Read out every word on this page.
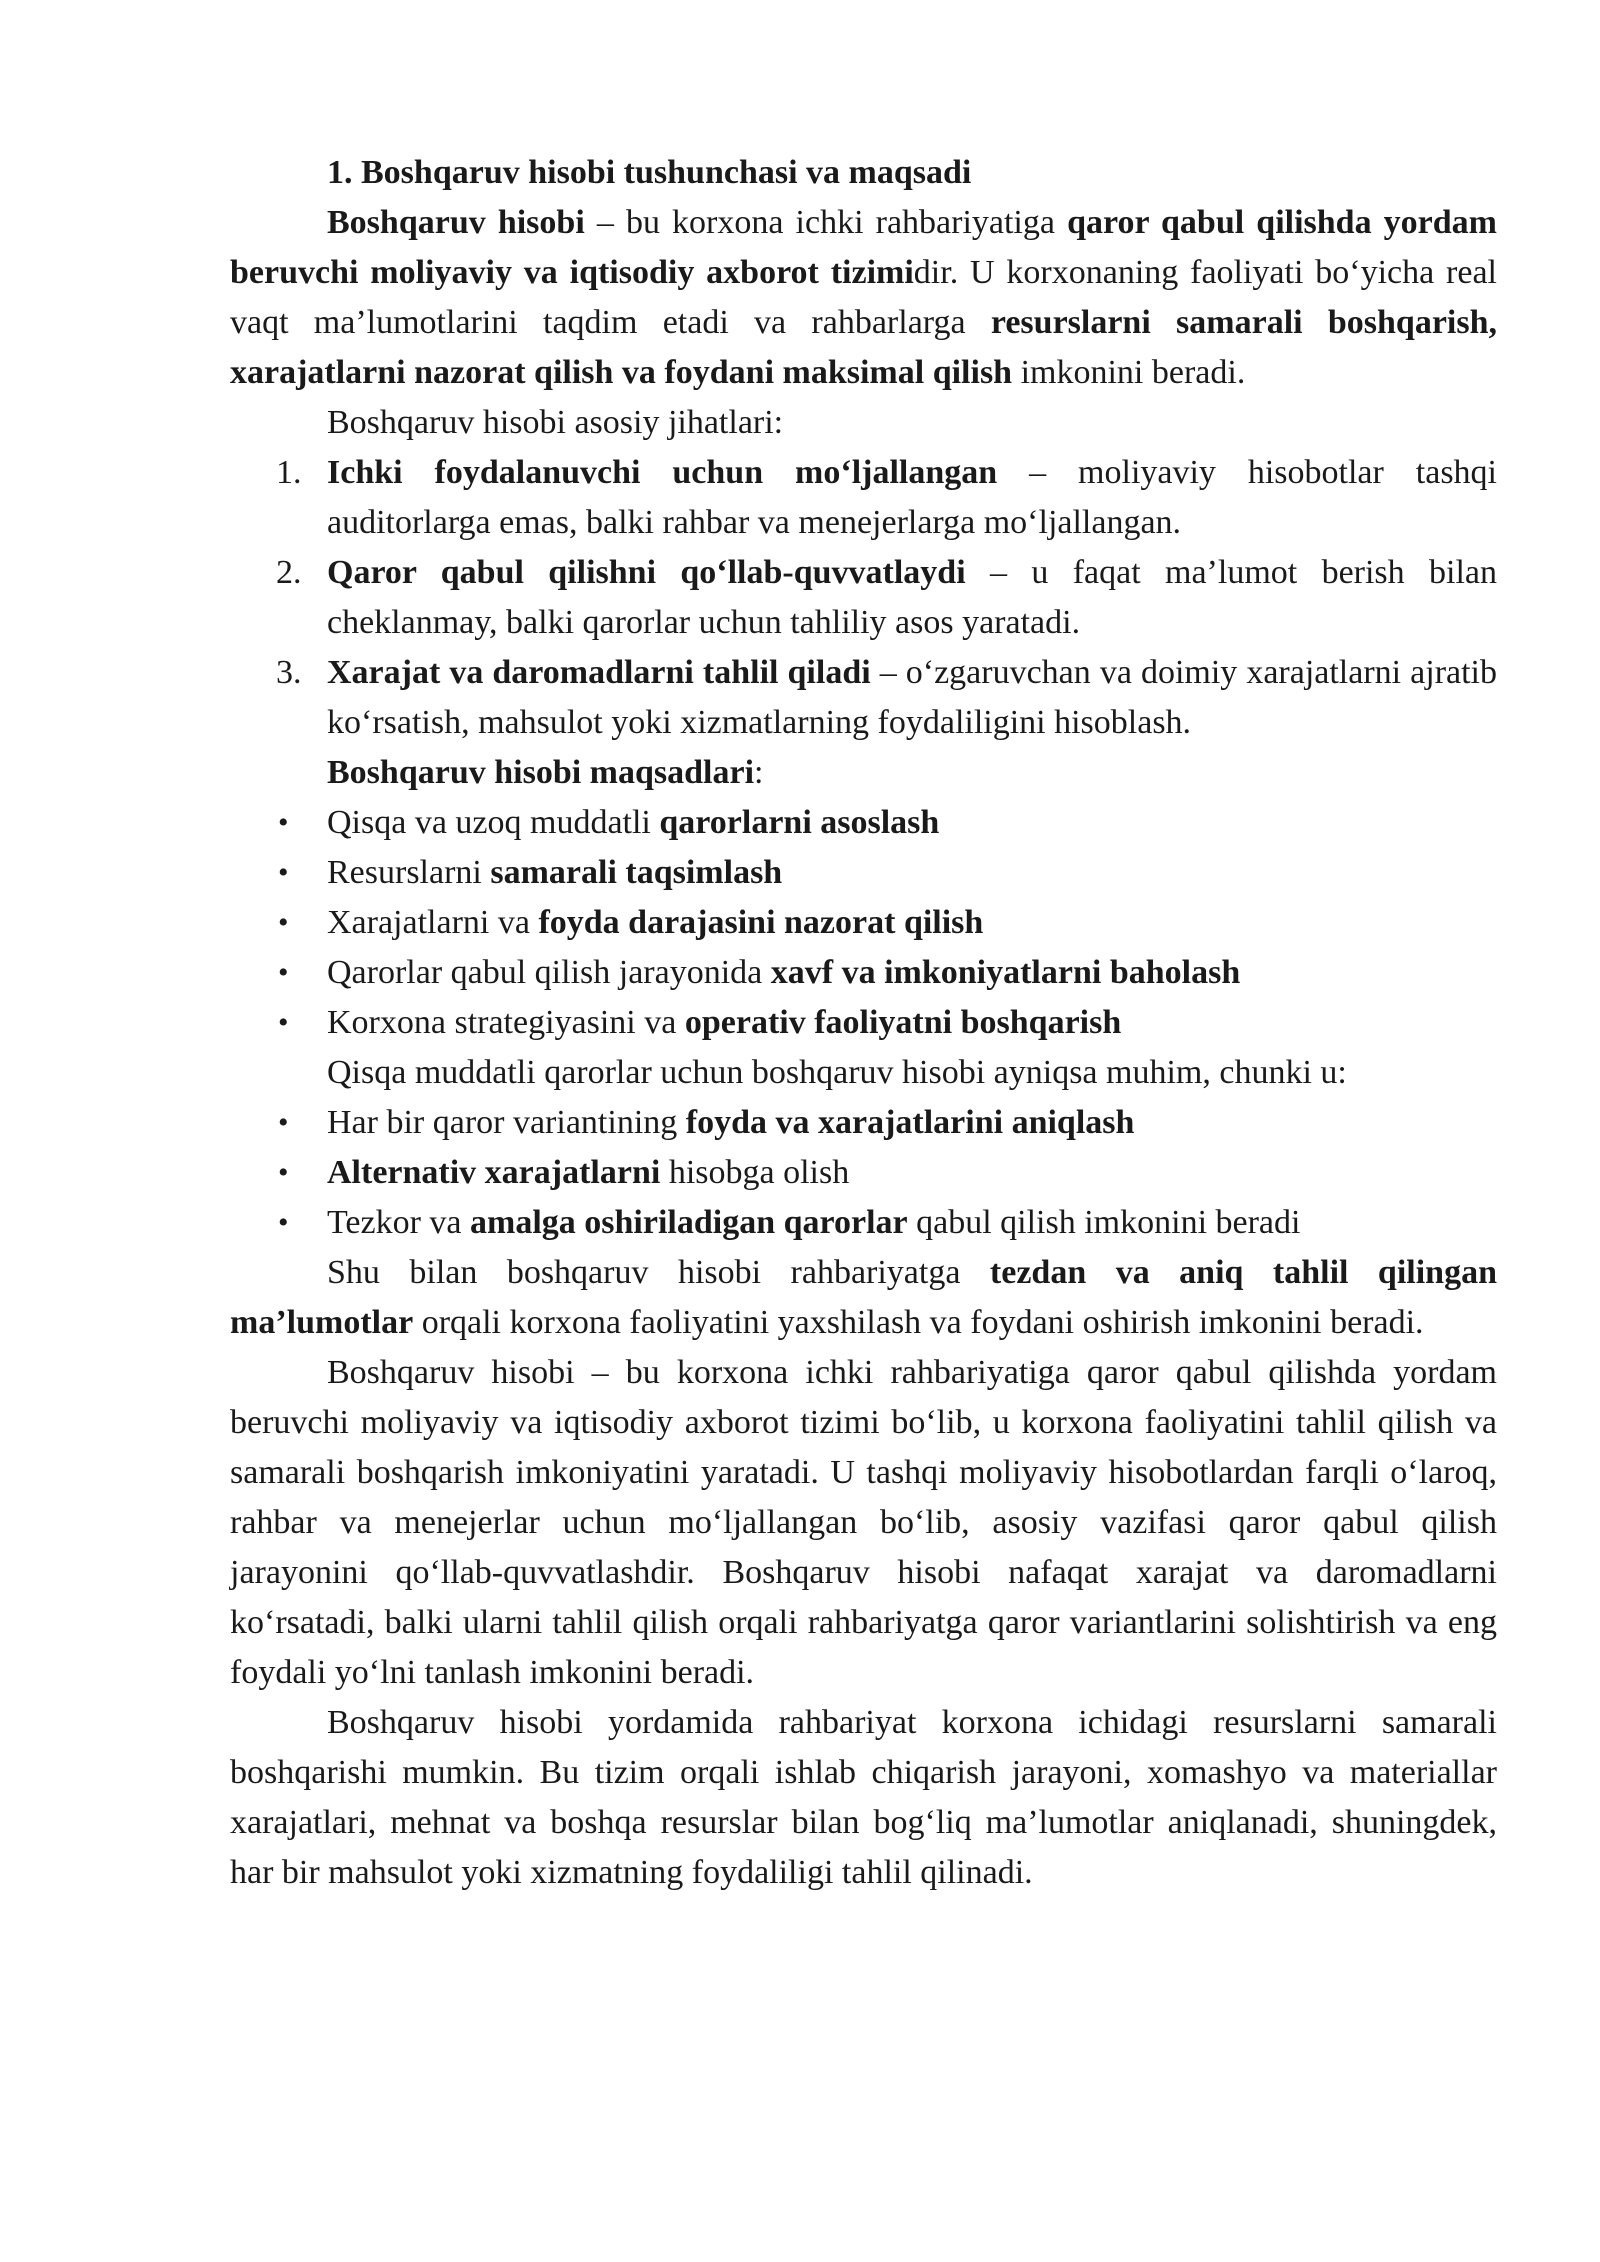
1. Boshqaruv hisobi tushunchasi va maqsadi

Boshqaruv hisobi – bu korxona ichki rahbariyatiga qaror qabul qilishda yordam beruvchi moliyaviy va iqtisodiy axborot tizimidir. U korxonaning faoliyati bo‘yicha real vaqt ma’lumotlarini taqdim etadi va rahbarlarga resurslarni samarali boshqarish, xarajatlarni nazorat qilish va foydani maksimal qilish imkonini beradi.

Boshqaruv hisobi asosiy jihatlari:

1. Ichki foydalanuvchi uchun mo‘ljallangan – moliyaviy hisobotlar tashqi auditorlarga emas, balki rahbar va menejerlarga mo‘ljallangan.
2. Qaror qabul qilishni qo‘llab-quvvatlaydi – u faqat ma’lumot berish bilan cheklanmay, balki qarorlar uchun tahliliy asos yaratadi.
3. Xarajat va daromadlarni tahlil qiladi – o‘zgaruvchan va doimiy xarajatlarni ajratib ko‘rsatish, mahsulot yoki xizmatlarning foydaliligini hisoblash.

Boshqaruv hisobi maqsadlari:

• Qisqa va uzoq muddatli qarorlarni asoslash
• Resurslarni samarali taqsimlash
• Xarajatlarni va foyda darajasini nazorat qilish
• Qarorlar qabul qilish jarayonida xavf va imkoniyatlarni baholash
• Korxona strategiyasini va operativ faoliyatni boshqarish

Qisqa muddatli qarorlar uchun boshqaruv hisobi ayniqsa muhim, chunki u:

• Har bir qaror variantining foyda va xarajatlarini aniqlash
• Alternativ xarajatlarni hisobga olish
• Tezkor va amalga oshiriladigan qarorlar qabul qilish imkonini beradi

Shu bilan boshqaruv hisobi rahbariyatga tezdan va aniq tahlil qilingan ma’lumotlar orqali korxona faoliyatini yaxshilash va foydani oshirish imkonini beradi.

Boshqaruv hisobi – bu korxona ichki rahbariyatiga qaror qabul qilishda yordam beruvchi moliyaviy va iqtisodiy axborot tizimi bo‘lib, u korxona faoliyatini tahlil qilish va samarali boshqarish imkoniyatini yaratadi. U tashqi moliyaviy hisobotlardan farqli o‘laroq, rahbar va menejerlar uchun mo‘ljallangan bo‘lib, asosiy vazifasi qaror qabul qilish jarayonini qo‘llab-quvvatlashdir. Boshqaruv hisobi nafaqat xarajat va daromadlarni ko‘rsatadi, balki ularni tahlil qilish orqali rahbariyatga qaror variantlarini solishtirish va eng foydali yo‘lni tanlash imkonini beradi.

Boshqaruv hisobi yordamida rahbariyat korxona ichidagi resurslarni samarali boshqarishi mumkin. Bu tizim orqali ishlab chiqarish jarayoni, xomashyo va materiallar xarajatlari, mehnat va boshqa resurslar bilan bog‘liq ma’lumotlar aniqlanadi, shuningdek, har bir mahsulot yoki xizmatning foydaliligi tahlil qilinadi.
